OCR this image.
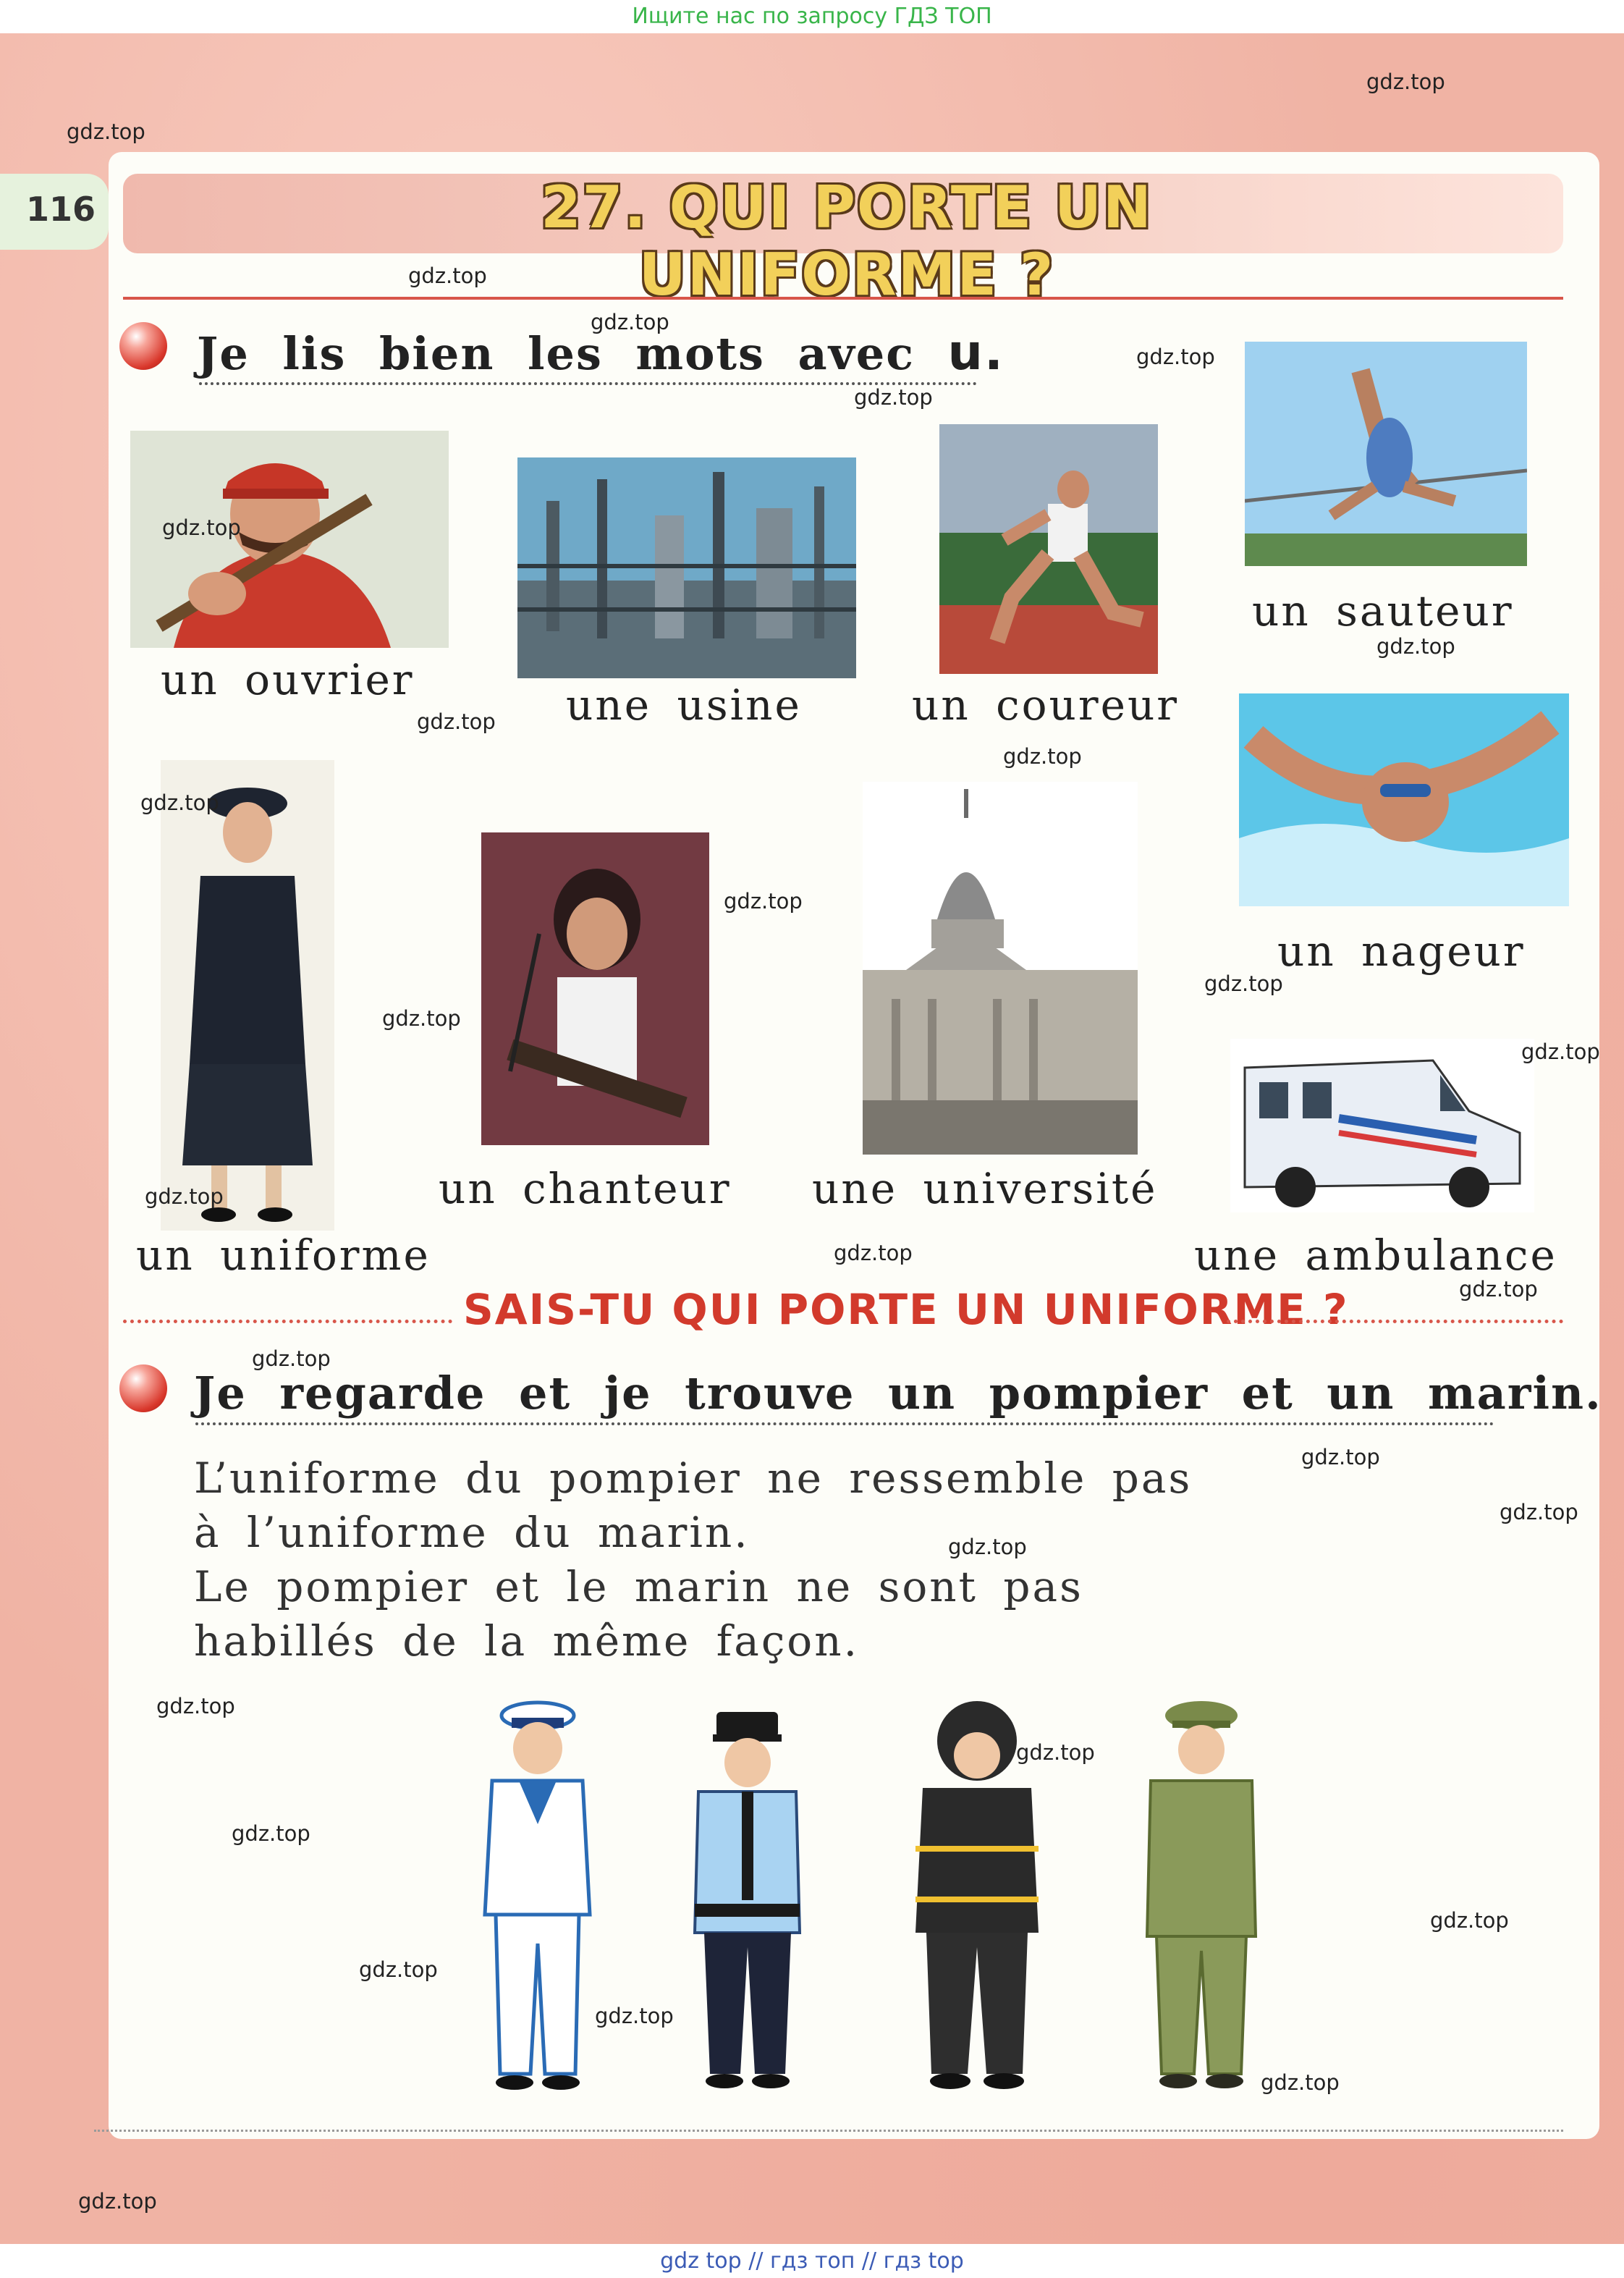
Ищите нас по запросу ГДЗ ТОП
116	27. QUI PORTE UN UNIFORME ?
Je lis bien les mots avec u.
un ouvrier
une usine	un coureur
un sauteur
un nageur
un uniforme
un chanteur une université
une ambulance
SAIS-TU QUI PORTE UN UNIFORME ?
Je regarde et je trouve un pompier et un marin.
L’uniforme du pompier ne ressemble pas
à l’uniforme du marin.
Le pompier et le marin ne sont pas
habillés de la même façon.
gdz.top
gdz.top
gdz.top
gdz.top
gdz.top
gdz.top
gdz.top
gdz.top
gdz.top
gdz.top
gdz.top
gdz.top
gdz.top
gdz.top
gdz.top
gdz.top
gdz.top
gdz.top
gdz.top
gdz.top
gdz.top
gdz.top
gdz.top
gdz.top
gdz.top
gdz.top
gdz.top
gdz.top
gdz.top
gdz.top
gdz top // гдз топ // гдз top
